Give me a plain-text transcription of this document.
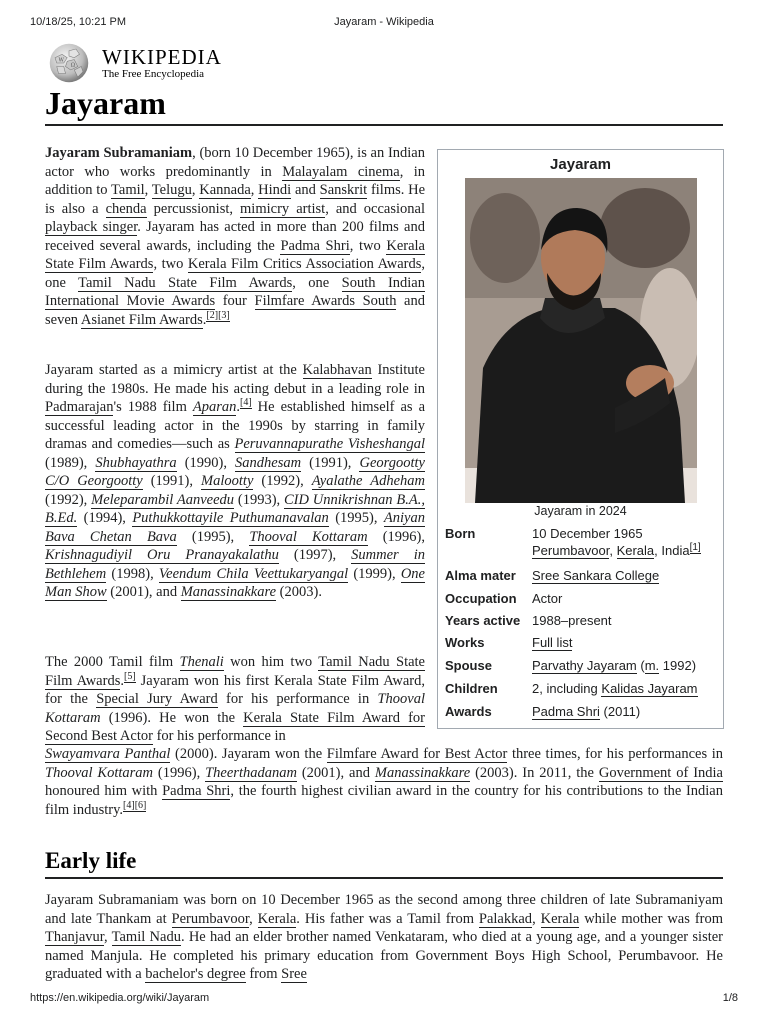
10/18/25, 10:21 PM	Jayaram - Wikipedia
W
Ω WIKIPEDIA
The Free Encyclopedia
Jayaram

Jayaram Subramaniam, (born 10 December 1965), is an Indian actor who works predominantly in Malayalam cinema, in addition to Tamil, Telugu, Kannada, Hindi and Sanskrit films. He is also a chenda percussionist, mimicry artist, and occasional playback singer. Jayaram has acted in more than 200 films and received several awards, including the Padma Shri, two Kerala State Film Awards, two Kerala Film Critics Association Awards, one Tamil Nadu State Film Awards, one South Indian International Movie Awards four Filmfare Awards South and seven Asianet Film Awards.[2][3]

Jayaram started as a mimicry artist at the Kalabhavan Institute during the 1980s. He made his acting debut in a leading role in Padmarajan's 1988 film Aparan.[4] He established himself as a successful leading actor in the 1990s by starring in family dramas and comedies—such as Peruvannapurathe Visheshangal (1989), Shubhayathra (1990), Sandhesam (1991), Georgootty C/O Georgootty (1991), Malootty (1992), Ayalathe Adheham (1992), Meleparambil Aanveedu (1993), CID Unnikrishnan B.A., B.Ed. (1994), Puthukkottayile Puthumanavalan (1995), Aniyan Bava Chetan Bava (1995), Thooval Kottaram (1996), Krishnagudiyil Oru Pranayakalathu (1997), Summer in Bethlehem (1998), Veendum Chila Veettukaryangal (1999), One Man Show (2001), and Manassinakkare (2003).

The 2000 Tamil film Thenali won him two Tamil Nadu State Film Awards.[5] Jayaram won his first Kerala State Film Award, for the Special Jury Award for his performance in Thooval Kottaram (1996). He won the Kerala State Film Award for Second Best Actor for his performance in

Swayamvara Panthal (2000). Jayaram won the Filmfare Award for Best Actor three times, for his performances in Thooval Kottaram (1996), Theerthadanam (2001), and Manassinakkare (2003). In 2011, the Government of India honoured him with Padma Shri, the fourth highest civilian award in the country for his contributions to the Indian film industry.[4][6]

Early life

Jayaram Subramaniam was born on 10 December 1965 as the second among three children of late Subramaniyam and late Thankam at Perumbavoor, Kerala. His father was a Tamil from Palakkad, Kerala while mother was from Thanjavur, Tamil Nadu. He had an elder brother named Venkataram, who died at a young age, and a younger sister named Manjula. He completed his primary education from Government Boys High School, Perumbavoor. He graduated with a bachelor's degree from Sree

Jayaram
Jayaram in 2024
Born	10 December 1965
Perumbavoor, Kerala, India[1]
Alma mater Sree Sankara College
Occupation Actor
Years active 1988–present
Works	Full list
Spouse	Parvathy Jayaram (m. 1992)
Children	2, including Kalidas Jayaram
Awards	Padma Shri (2011)
https://en.wikipedia.org/wiki/Jayaram	1/8
